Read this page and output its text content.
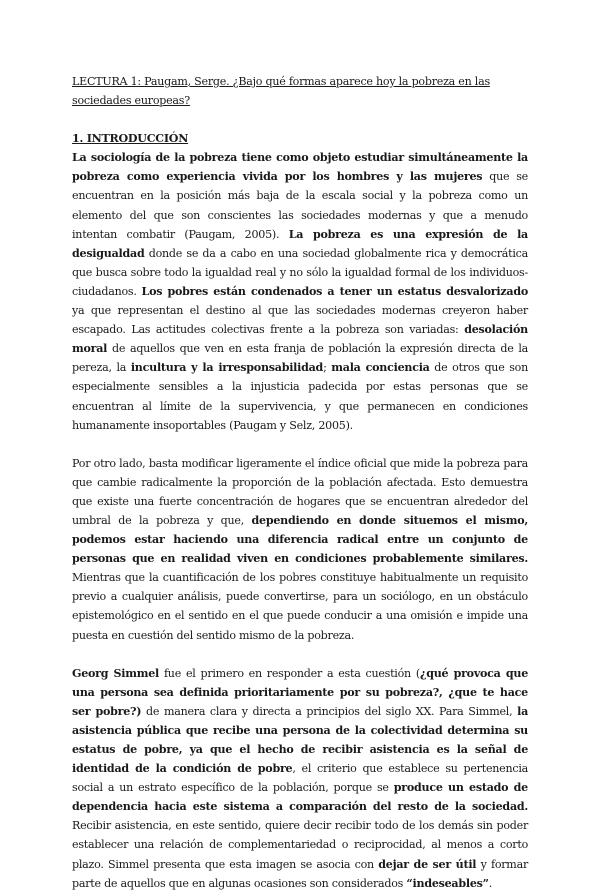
LECTURA 1: Paugam, Serge. ¿Bajo qué formas aparece hoy la pobreza en las sociedades europeas?
1. INTRODUCCIÓN

La sociología de la pobreza tiene como objeto estudiar simultáneamente la pobreza como experiencia vivida por los hombres y las mujeres que se encuentran en la posición más baja de la escala social y la pobreza como un elemento del que son conscientes las sociedades modernas y que a menudo intentan combatir (Paugam, 2005). La pobreza es una expresión de la desigualdad donde se da a cabo en una sociedad globalmente rica y democrática que busca sobre todo la igualdad real y no sólo la igualdad formal de los individuos-ciudadanos. Los pobres están condenados a tener un estatus desvalorizado ya que representan el destino al que las sociedades modernas creyeron haber escapado. Las actitudes colectivas frente a la pobreza son variadas: desolación moral de aquellos que ven en esta franja de población la expresión directa de la pereza, la incultura y la irresponsabilidad; mala conciencia de otros que son especialmente sensibles a la injusticia padecida por estas personas que se encuentran al límite de la supervivencia, y que permanecen en condiciones humanamente insoportables (Paugam y Selz, 2005).

Por otro lado, basta modificar ligeramente el índice oficial que mide la pobreza para que cambie radicalmente la proporción de la población afectada. Esto demuestra que existe una fuerte concentración de hogares que se encuentran alrededor del umbral de la pobreza y que, dependiendo en donde situemos el mismo, podemos estar haciendo una diferencia radical entre un conjunto de personas que en realidad viven en condiciones probablemente similares. Mientras que la cuantificación de los pobres constituye habitualmente un requisito previo a cualquier análisis, puede convertirse, para un sociólogo, en un obstáculo epistemológico en el sentido en el que puede conducir a una omisión e impide una puesta en cuestión del sentido mismo de la pobreza.

Georg Simmel fue el primero en responder a esta cuestión (¿qué provoca que una persona sea definida prioritariamente por su pobreza?, ¿que te hace ser pobre?) de manera clara y directa a principios del siglo XX. Para Simmel, la asistencia pública que recibe una persona de la colectividad determina su estatus de pobre, ya que el hecho de recibir asistencia es la señal de identidad de la condición de pobre, el criterio que establece su pertenencia social a un estrato específico de la población, porque se produce un estado de dependencia hacia este sistema a comparación del resto de la sociedad. Recibir asistencia, en este sentido, quiere decir recibir todo de los demás sin poder establecer una relación de complementariedad o reciprocidad, al menos a corto plazo. Simmel presenta que esta imagen se asocia con dejar de ser útil y formar parte de aquellos que en algunas ocasiones son considerados “indeseables”.
